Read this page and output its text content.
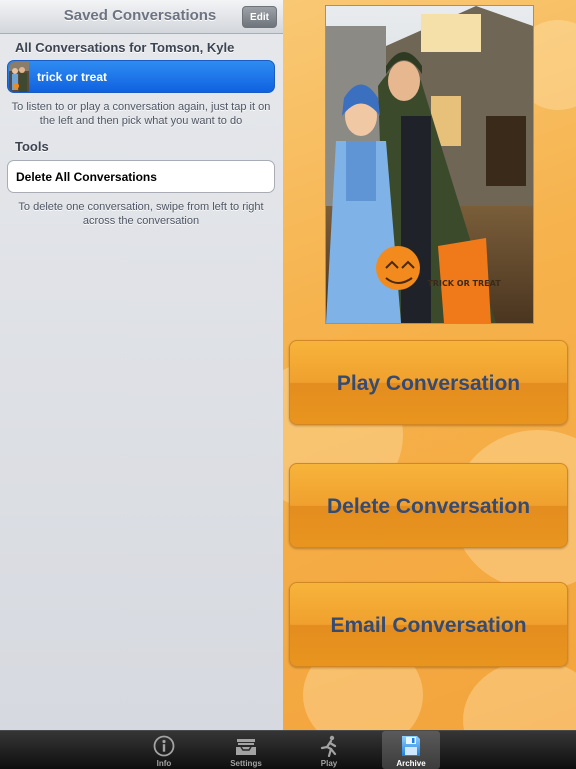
Saved Conversations	Edit
All Conversations for Tomson, Kyle
trick or treat
To listen to or play a conversation again, just tap it on the left and then pick what you want to do
Tools
Delete All Conversations
To delete one conversation, swipe from left to right across the conversation
TRICK OR TREAT
Play Conversation
Delete Conversation
Email Conversation
Info	Settings	Play	Archive
